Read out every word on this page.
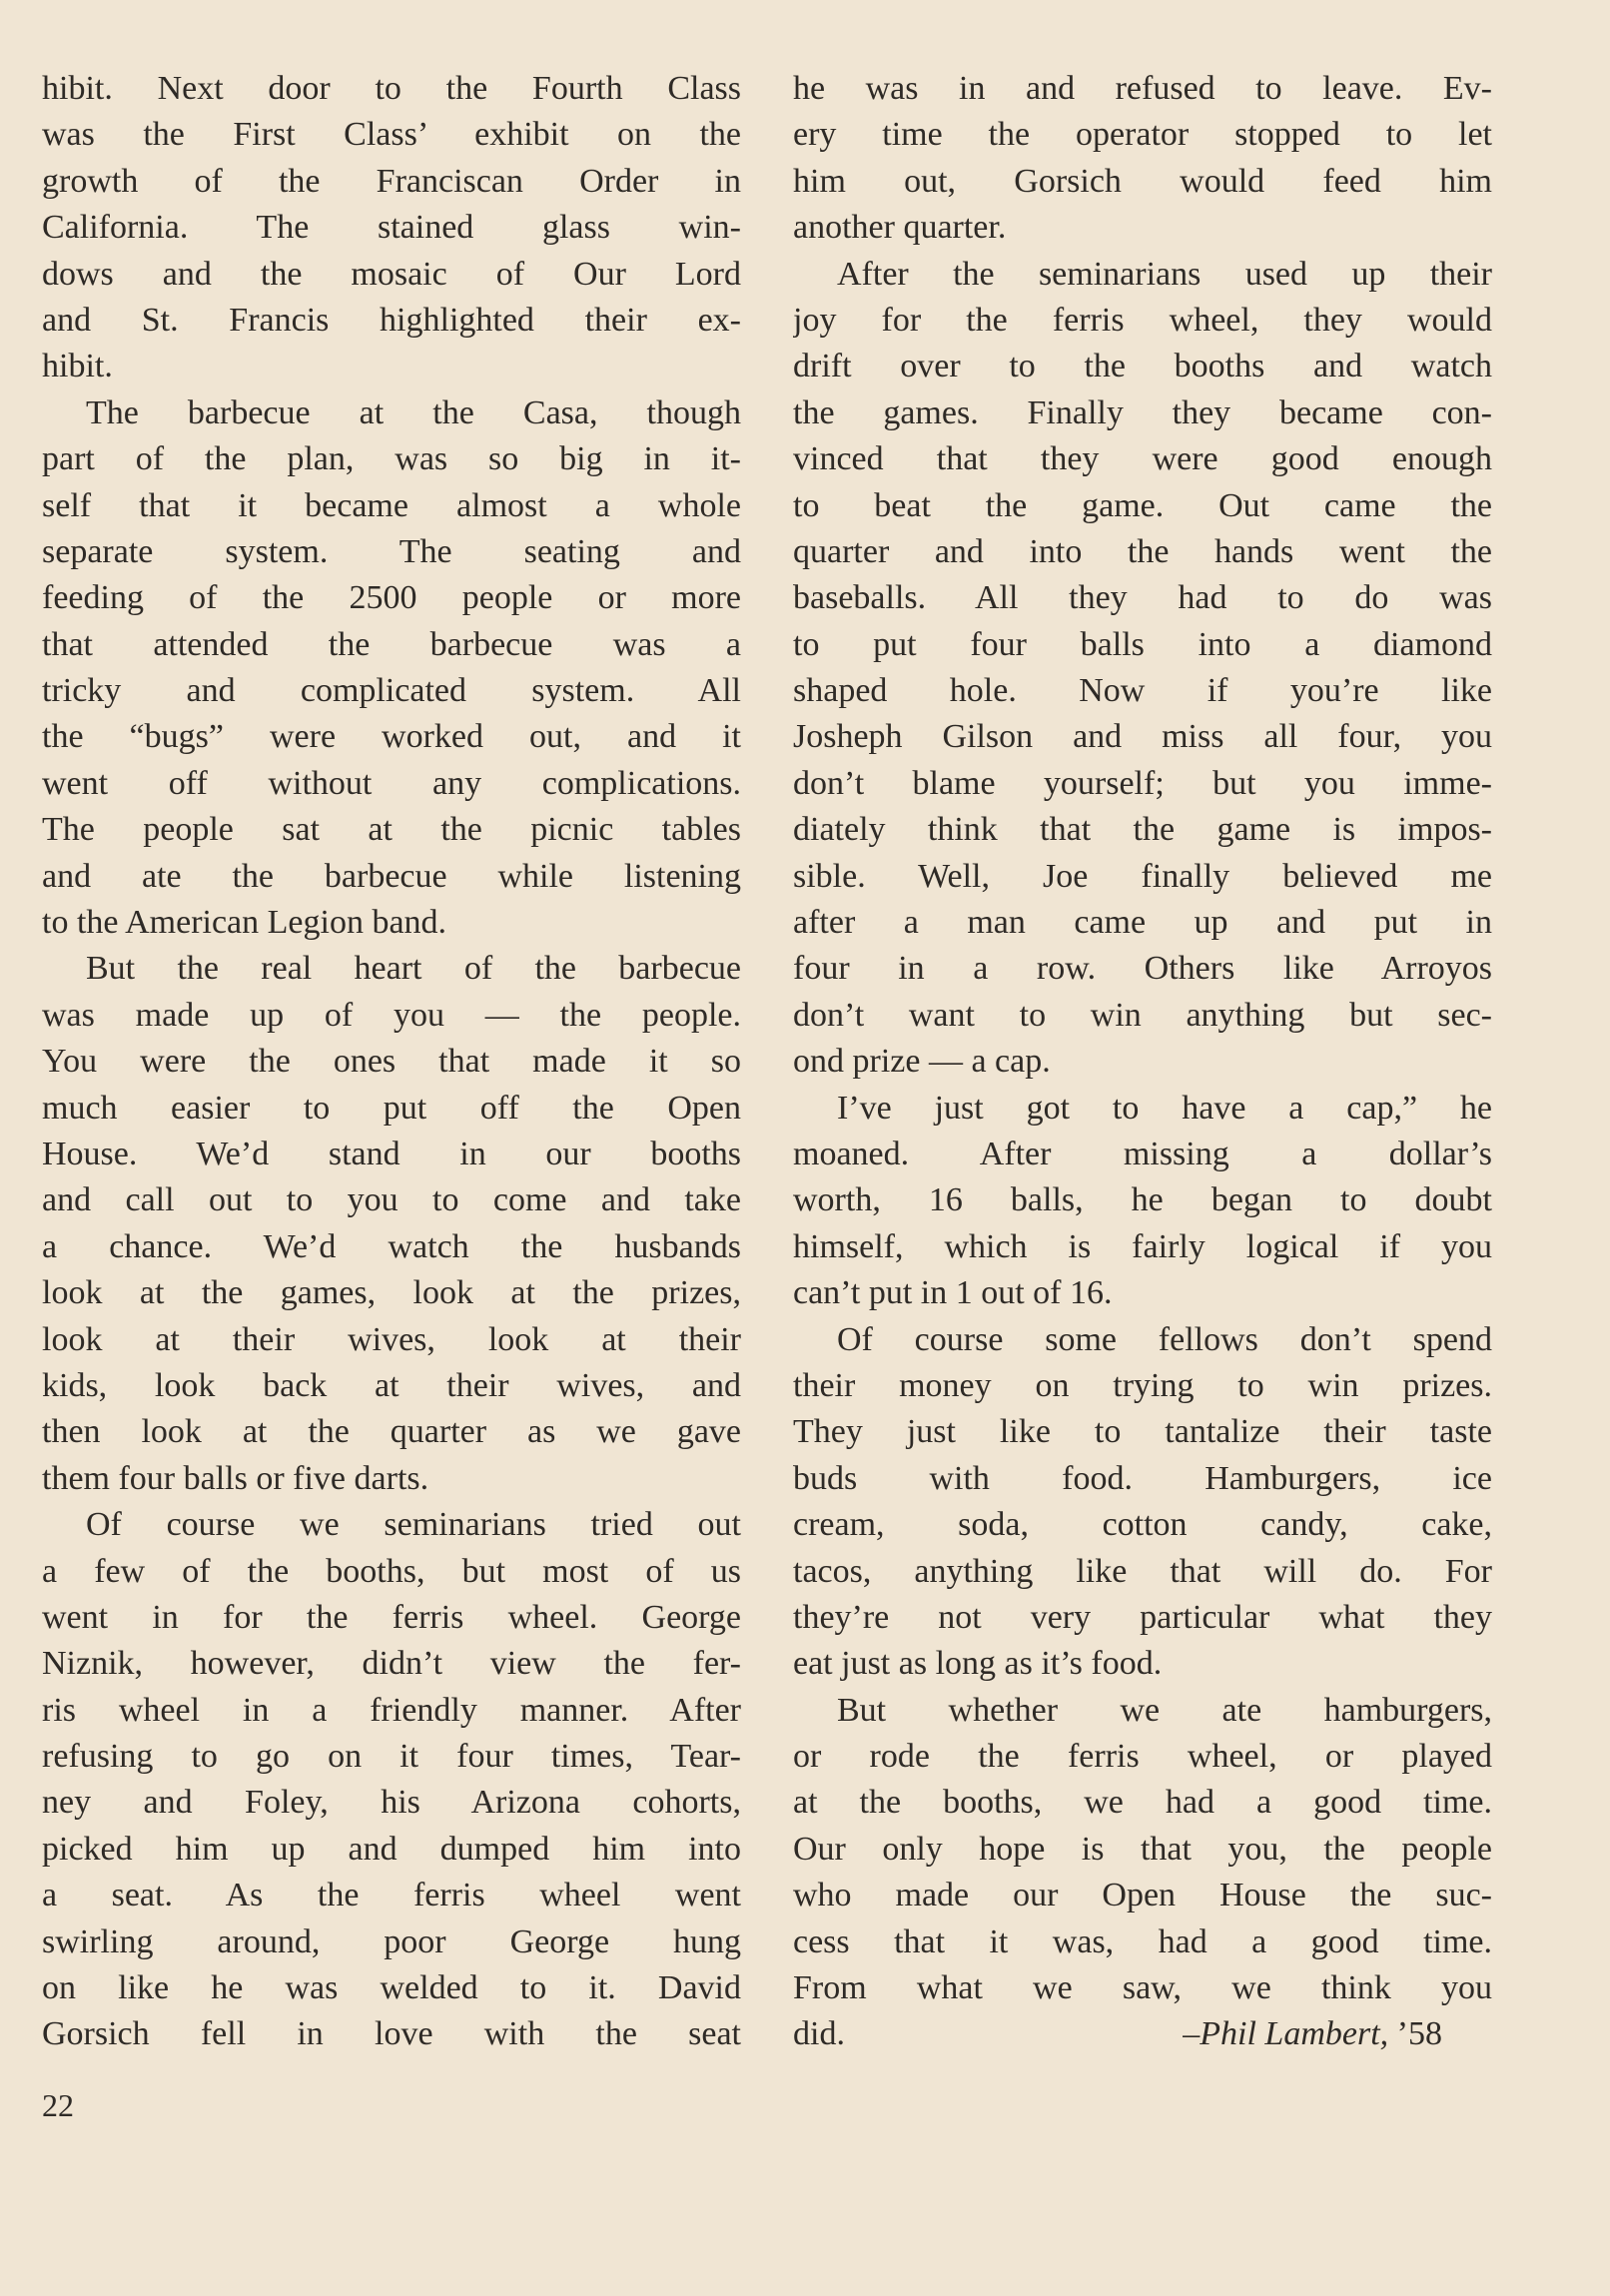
hibit. Next door to the Fourth Class
was the First Class’ exhibit on the
growth of the Franciscan Order in
California. The stained glass win-
dows and the mosaic of Our Lord
and St. Francis highlighted their ex-
hibit.
The barbecue at the Casa, though
part of the plan, was so big in it-
self that it became almost a whole
separate system. The seating and
feeding of the 2500 people or more
that attended the barbecue was a
tricky and complicated system. All
the “bugs” were worked out, and it
went off without any complications.
The people sat at the picnic tables
and ate the barbecue while listening
to the American Legion band.
But the real heart of the barbecue
was made up of you — the people.
You were the ones that made it so
much easier to put off the Open
House. We’d stand in our booths
and call out to you to come and take
a chance. We’d watch the husbands
look at the games, look at the prizes,
look at their wives, look at their
kids, look back at their wives, and
then look at the quarter as we gave
them four balls or five darts.
Of course we seminarians tried out
a few of the booths, but most of us
went in for the ferris wheel. George
Niznik, however, didn’t view the fer-
ris wheel in a friendly manner. After
refusing to go on it four times, Tear-
ney and Foley, his Arizona cohorts,
picked him up and dumped him into
a seat. As the ferris wheel went
swirling around, poor George hung
on like he was welded to it. David
Gorsich fell in love with the seat
he was in and refused to leave. Ev-
ery time the operator stopped to let
him out, Gorsich would feed him
another quarter.
After the seminarians used up their
joy for the ferris wheel, they would
drift over to the booths and watch
the games. Finally they became con-
vinced that they were good enough
to beat the game. Out came the
quarter and into the hands went the
baseballs. All they had to do was
to put four balls into a diamond
shaped hole. Now if you’re like
Josheph Gilson and miss all four, you
don’t blame yourself; but you imme-
diately think that the game is impos-
sible. Well, Joe finally believed me
after a man came up and put in
four in a row. Others like Arroyos
don’t want to win anything but sec-
ond prize — a cap.
I’ve just got to have a cap,” he
moaned. After missing a dollar’s
worth, 16 balls, he began to doubt
himself, which is fairly logical if you
can’t put in 1 out of 16.
Of course some fellows don’t spend
their money on trying to win prizes.
They just like to tantalize their taste
buds with food. Hamburgers, ice
cream, soda, cotton candy, cake,
tacos, anything like that will do. For
they’re not very particular what they
eat just as long as it’s food.
But whether we ate hamburgers,
or rode the ferris wheel, or played
at the booths, we had a good time.
Our only hope is that you, the people
who made our Open House the suc-
cess that it was, had a good time.
From what we saw, we think you
did.	–Phil Lambert, ’58
22
